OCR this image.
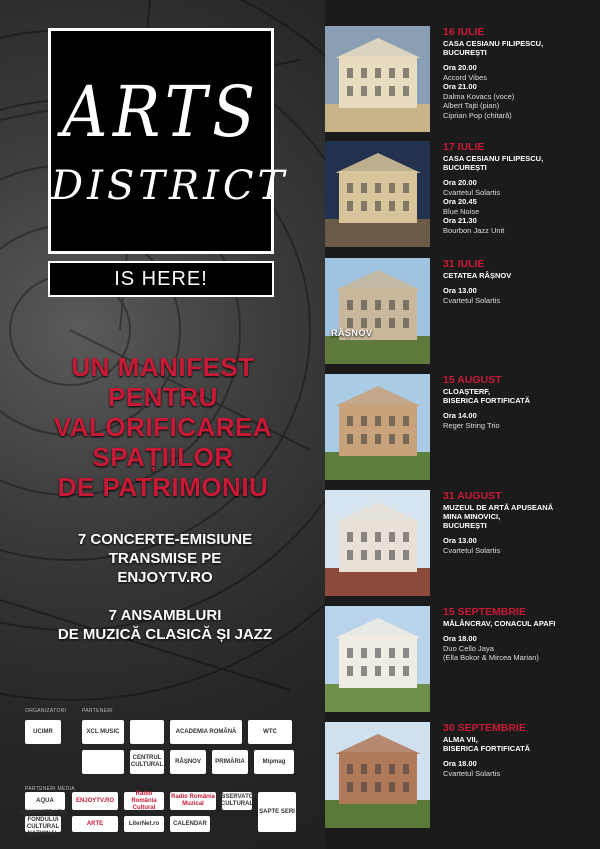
ARTS
DISTRICT
IS HERE!
UN MANIFEST
PENTRU
VALORIFICAREA
SPAȚIILOR
DE PATRIMONIU
7 CONCERTE-EMISIUNE
TRANSMISE PE
ENJOYTV.RO
7 ANSAMBLURI
DE MUZICĂ CLASICĂ ȘI JAZZ
ORGANIZATORI	PARTENERI
PARTENERI MEDIA
UCIMR	XCL MUSIC	ACADEMIA ROMÂNĂ	WTC
CENTRUL CULTURAL
RÂȘNOV	PRIMĂRIA	Mipmag
AQUA	ENJOYTV.RO
Radio România Cultural
Radio România Muzical
OBSERVATOR CULTURAL
ȘAPTE SERI
ADMINISTRAȚIA FONDULUI CULTURAL NAȚIONAL
ARTE	LiterNet.ro	CALENDAR
16 IULIE
CASA CESIANU FILIPESCU,
BUCUREȘTI
Ora 20.00
Accord Vibes
Ora 21.00
Dalma Kovacs (voce)
Albert Tajti (pian)
Ciprian Pop (chitară)
17 IULIE
CASA CESIANU FILIPESCU,
BUCUREȘTI
Ora 20.00
Cvartetul Solartis
Ora 20.45
Blue Noise
Ora 21.30
Bourbon Jazz Unit
RÂȘNOV
31 IULIE
CETATEA RÂȘNOV
Ora 13.00
Cvartetul Solartis
15 AUGUST
CLOAȘTERF,
BISERICA FORTIFICATĂ
Ora 14.00
Reger String Trio
31 AUGUST
MUZEUL DE ARTĂ APUSEANĂ
MINA MINOVICI,
BUCUREȘTI
Ora 13.00
Cvartetul Solartis
15 SEPTEMBRIE
MĂLÂNCRAV, CONACUL APAFI
Ora 18.00
Duo Cello Jaya
(Ella Bokor & Mircea Marian)
30 SEPTEMBRIE
ALMA VII,
BISERICA FORTIFICATĂ
Ora 18.00
Cvartetul Solartis
